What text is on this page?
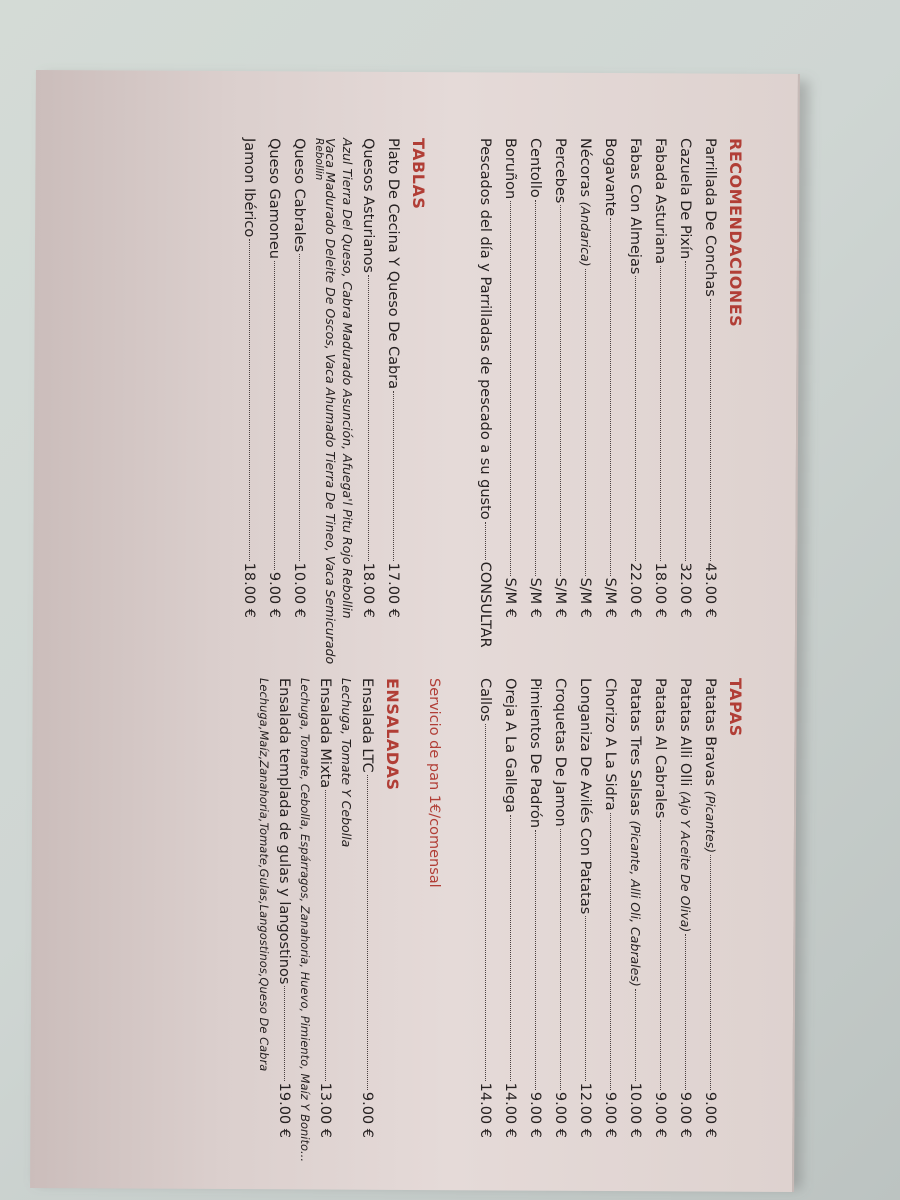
RECOMENDACIONES
Parrillada De Conchas
43.00 €
Cazuela De Pixín
32.00 €
Fabada Asturiana
18.00 €
Fabas Con Almejas
22.00 €
Bogavante
S/M €
Nécoras (Andarica)
S/M €
Percebes
S/M €
Centollo
S/M €
Boruñon
S/M €
Pescados del día y Parrilladas de pescado a su gusto
CONSULTAR
TABLAS
Plato De Cecina Y Queso De Cabra
17.00 €
Quesos Asturianos
18.00 €
Azul Tierra Del Queso, Cabra Madurado Asunción, Afuega'l Pitu Rojo Rebollin
Vaca Madurado Deleite De Oscos, Vaca Ahumado Tierra De Tineo, Vaca Semicurado
Rebollin
Queso Cabrales
10.00 €
Queso Gamoneu
9.00 €
Jamon Ibérico
18.00 €
TAPAS
Patatas Bravas (Picantes)
9.00 €
Patatas Alli Olli (Ajo Y Aceite De Oliva)
9.00 €
Patatas Al Cabrales
9.00 €
Patatas Tres Salsas (Picante, Alli Oli, Cabrales)
10.00 €
Chorizo A La Sidra
9.00 €
Longaniza De Avilés Con Patatas
12.00 €
Croquetas De Jamon
9.00 €
Pimientos De Padrón
9.00 €
Oreja A La Gallega
14.00 €
Callos
14.00 €
Servicio de pan 1€/comensal
ENSALADAS
Ensalada LTC
9.00 €
Lechuga, Tomate Y Cebolla
Ensalada Mixta
13.00 €
Lechuga, Tomate, Cebolla, Espárragos, Zanahoria, Huevo, Pimiento, Maíz Y Bonito...
Ensalada templada de gulas y langostinos
19.00 €
Lechuga,Maíz,Zanahoria,Tomate,Gulas,Langostinos,Queso De Cabra
